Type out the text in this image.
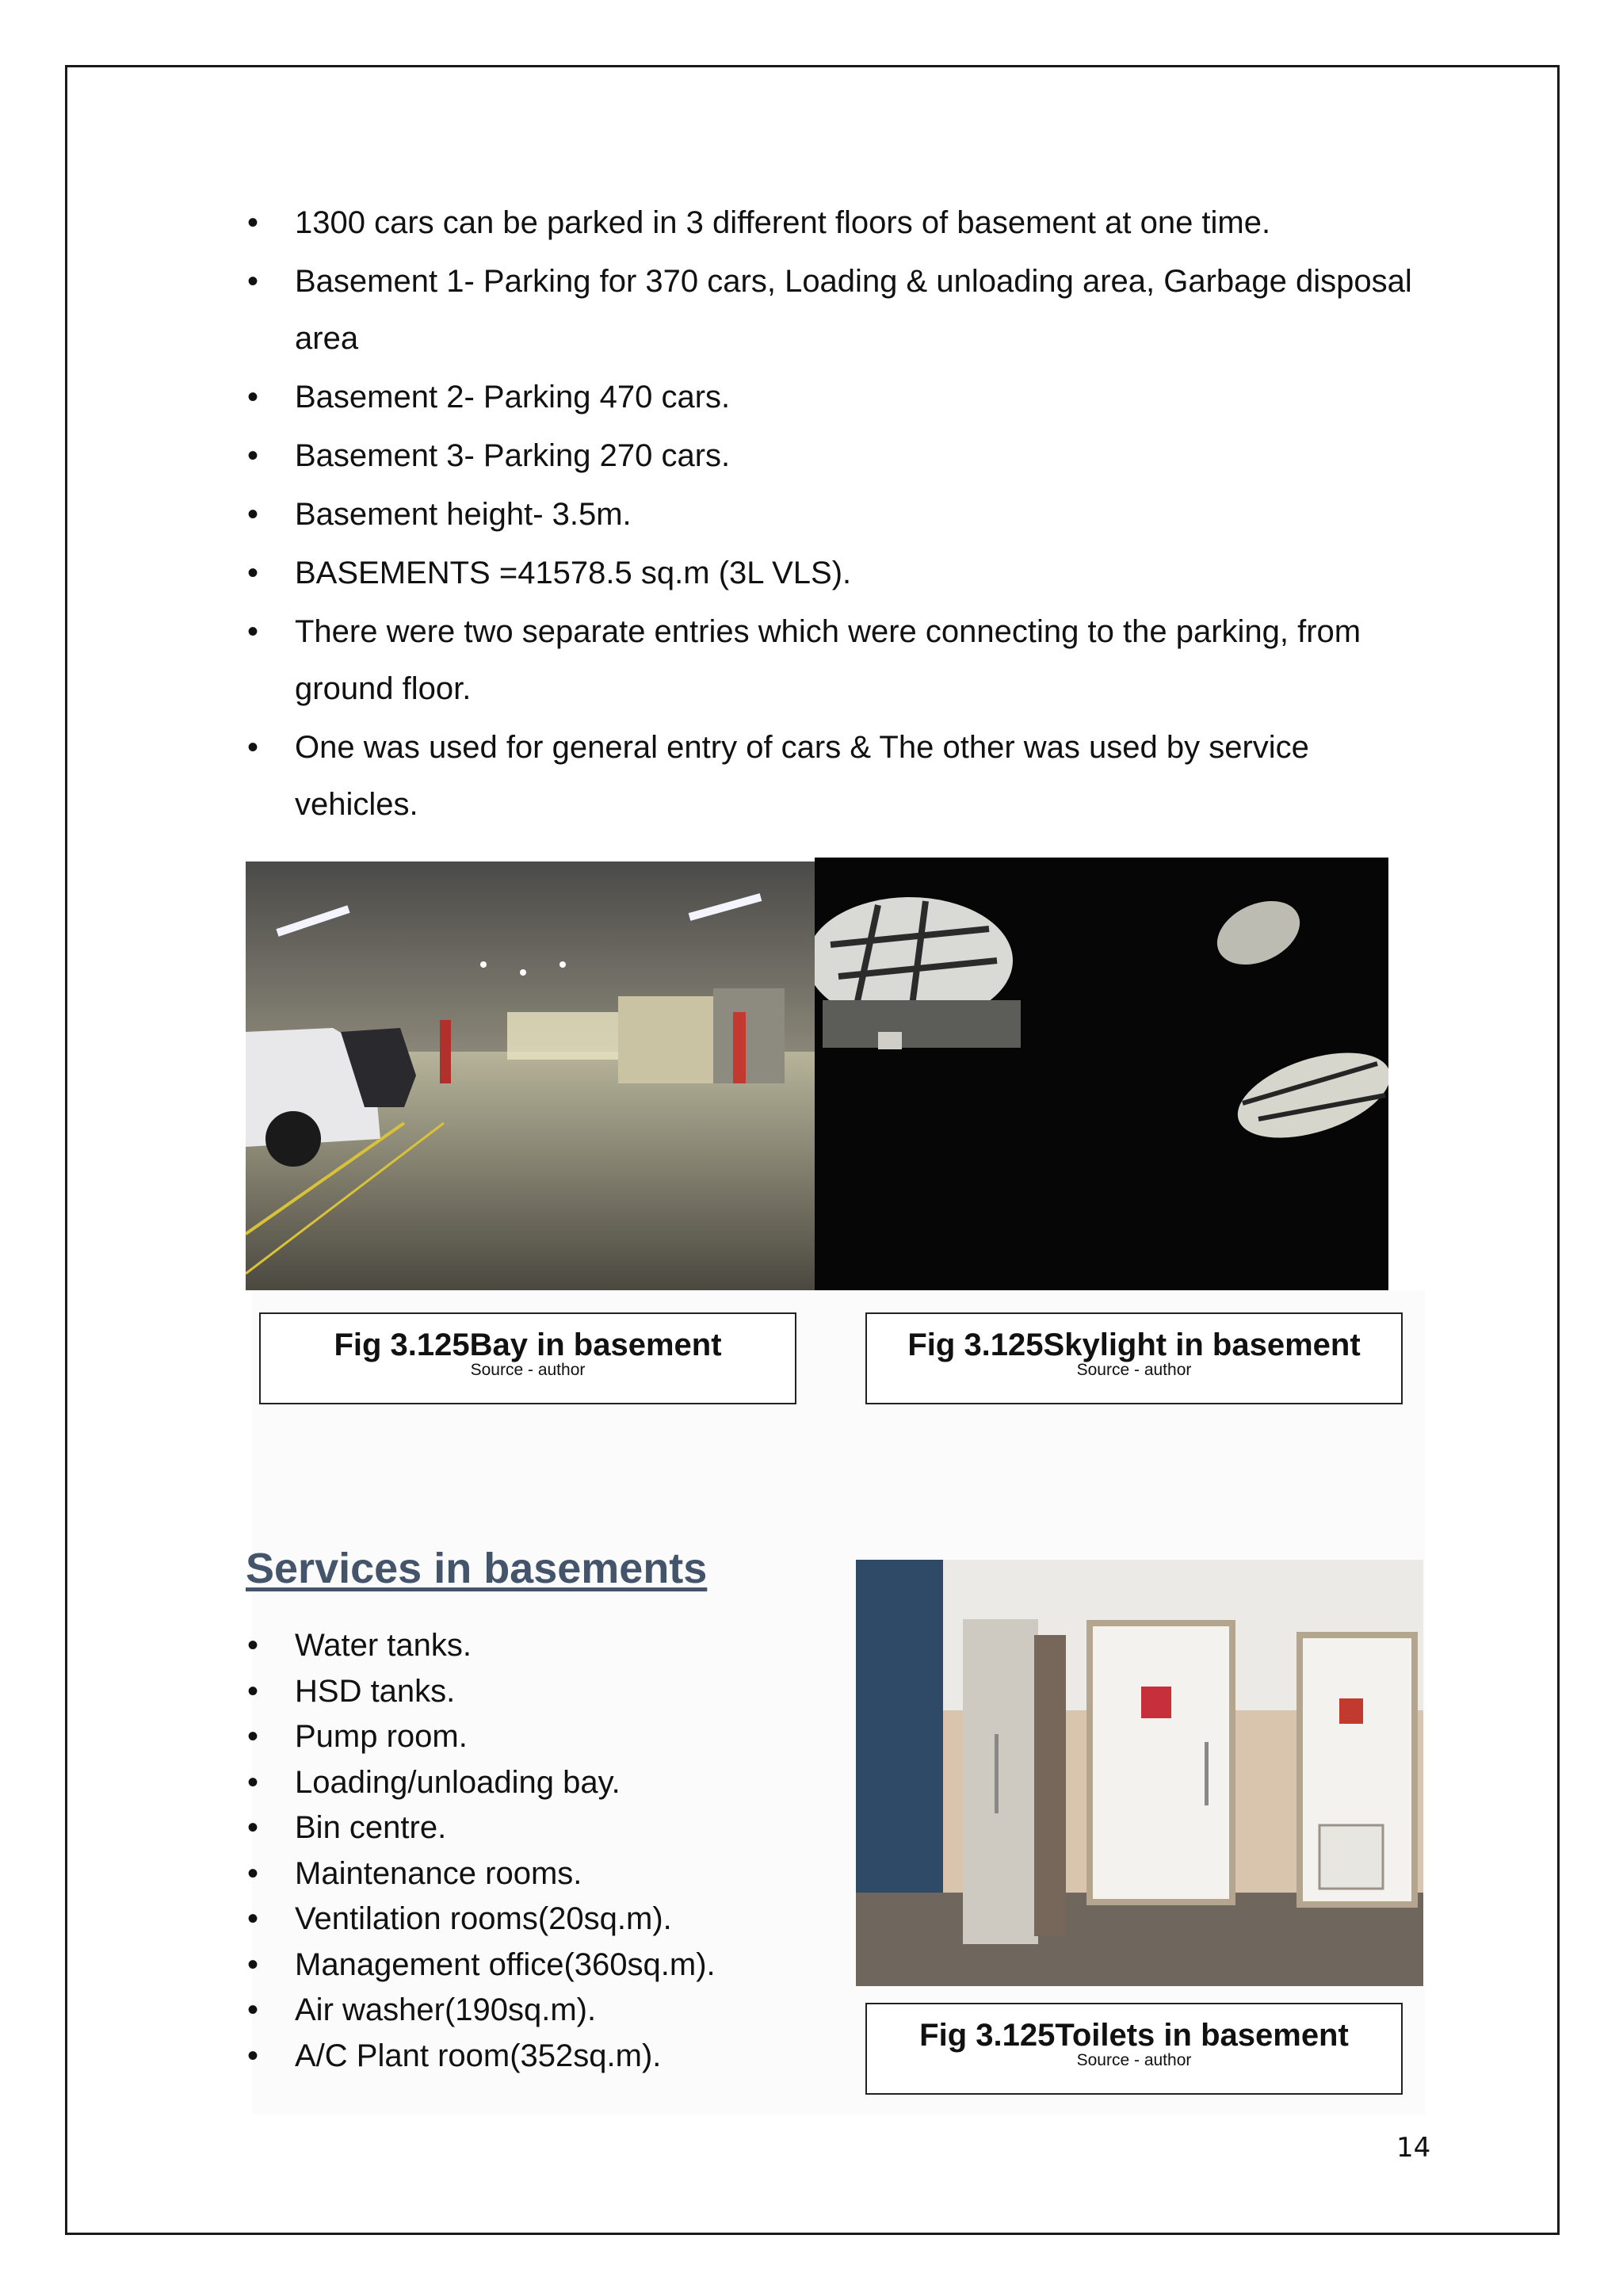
• 1300 cars can be parked in 3 different floors of basement at one time.
• Basement 1- Parking for 370 cars, Loading & unloading area, Garbage disposal area
• Basement 2- Parking 470 cars.
• Basement 3- Parking 270 cars.
• Basement height- 3.5m.
• BASEMENTS =41578.5 sq.m (3L VLS).
• There were two separate entries which were connecting to the parking, from ground floor.
• One was used for general entry of cars & The other was used by service vehicles.
Fig 3.125Bay in basement
Source - author
Fig 3.125Skylight in basement
Source - author
Services in basements
• Water tanks.
• HSD tanks.
• Pump room.
• Loading/unloading bay.
• Bin centre.
• Maintenance rooms.
• Ventilation rooms(20sq.m).
• Management office(360sq.m).
• Air washer(190sq.m).
• A/C Plant room(352sq.m).
Fig 3.125Toilets in basement
Source - author
14
